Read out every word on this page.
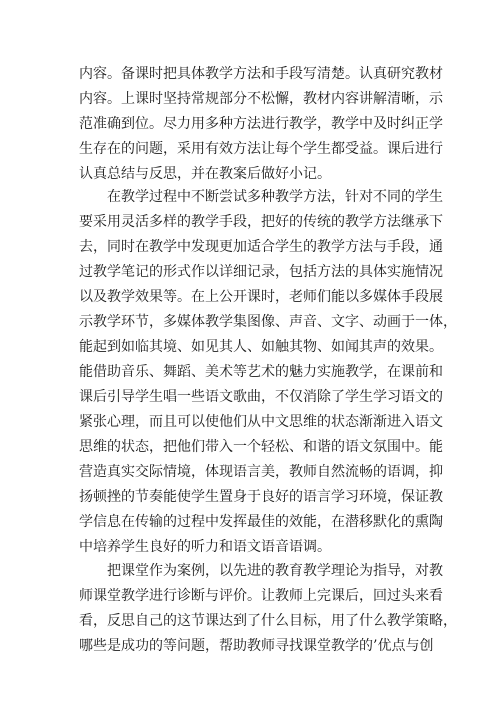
内容。备课时把具体教学方法和手段写清楚。认真研究教材
内容。上课时坚持常规部分不松懈，教材内容讲解清晰，示
范准确到位。尽力用多种方法进行教学，教学中及时纠正学
生存在的问题，采用有效方法让每个学生都受益。课后进行
认真总结与反思，并在教案后做好小记。
在教学过程中不断尝试多种教学方法，针对不同的学生
要采用灵活多样的教学手段，把好的传统的教学方法继承下
去，同时在教学中发现更加适合学生的教学方法与手段，通
过教学笔记的形式作以详细记录，包括方法的具体实施情况
以及教学效果等。在上公开课时，老师们能以多媒体手段展
示教学环节，多媒体教学集图像、声音、文字、动画于一体，
能起到如临其境、如见其人、如触其物、如闻其声的效果。
能借助音乐、舞蹈、美术等艺术的魅力实施教学，在课前和
课后引导学生唱一些语文歌曲，不仅消除了学生学习语文的
紧张心理，而且可以使他们从中文思维的状态渐渐进入语文
思维的状态，把他们带入一个轻松、和谐的语文氛围中。能
营造真实交际情境，体现语言美，教师自然流畅的语调，抑
扬顿挫的节奏能使学生置身于良好的语言学习环境，保证教
学信息在传输的过程中发挥最佳的效能，在潜移默化的熏陶
中培养学生良好的听力和语文语音语调。
把课堂作为案例，以先进的教育教学理论为指导，对教
师课堂教学进行诊断与评价。让教师上完课后，回过头来看
看，反思自己的这节课达到了什么目标，用了什么教学策略，
哪些是成功的等问题，帮助教师寻找课堂教学的’优点与创
